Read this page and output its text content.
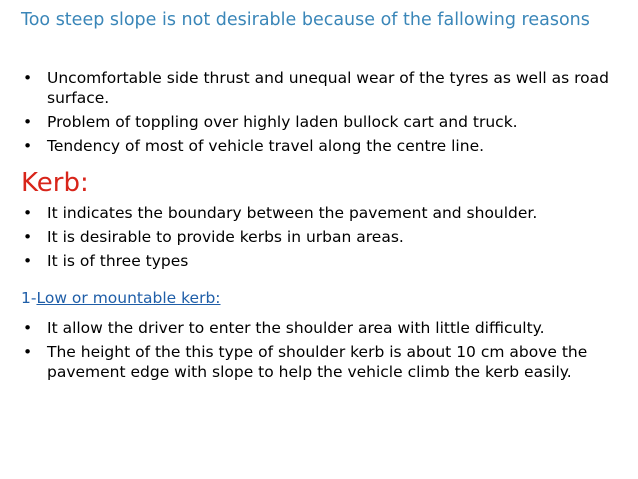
Too steep slope is not desirable because of the fallowing reasons
• Uncomfortable side thrust and unequal wear of the tyres as well as road surface.
• Problem of toppling over highly laden bullock cart and truck.
• Tendency of most of vehicle travel along the centre line.
Kerb:
• It indicates the boundary between the pavement and shoulder.
• It is desirable to provide kerbs in urban areas.
• It is of three types
1-Low or mountable kerb:
• It allow the driver to enter the shoulder area with little difficulty.
• The height of the this type of shoulder kerb is about 10 cm above the pavement edge with slope to help the vehicle climb the kerb easily.
